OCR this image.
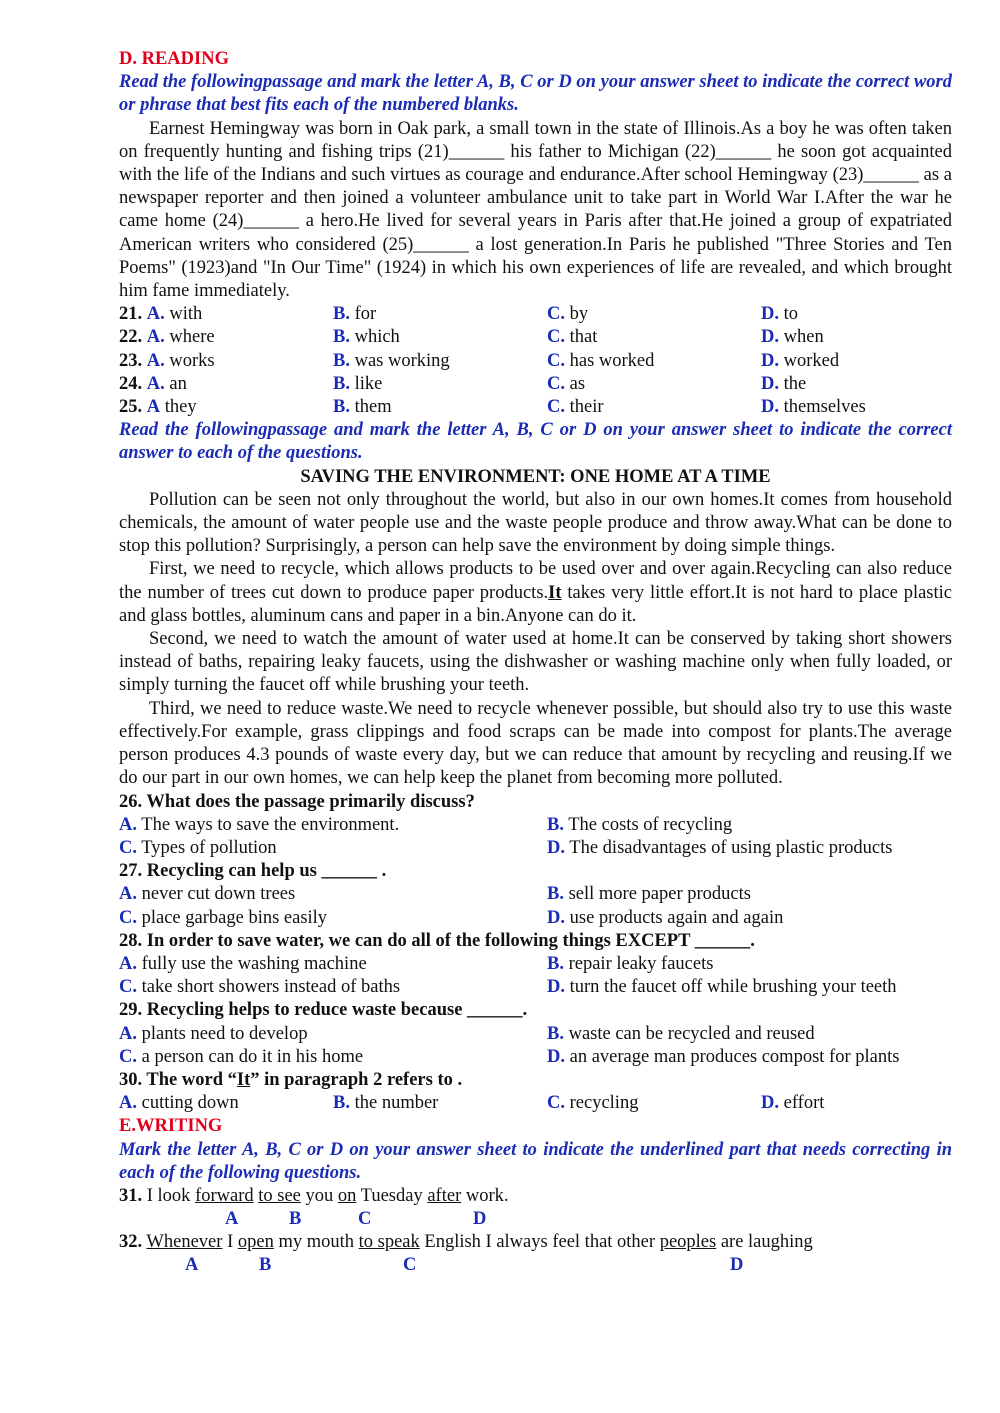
D. READING

Read the followingpassage and mark the letter A, B, C or D on your answer sheet to indicate the correct word or phrase that best fits each of the numbered blanks.

Earnest Hemingway was born in Oak park, a small town in the state of Illinois.As a boy he was often taken on frequently hunting and fishing trips (21)______ his father to Michigan (22)______ he soon got acquainted with the life of the Indians and such virtues as courage and endurance.After school Hemingway (23)______ as a newspaper reporter and then joined a volunteer ambulance unit to take part in World War I.After the war he came home (24)______ a hero.He lived for several years in Paris after that.He joined a group of expatriated American writers who considered (25)______ a lost generation.In Paris he published "Three Stories and Ten Poems" (1923)and "In Our Time" (1924) in which his own experiences of life are revealed, and which brought him fame immediately.

21. A. with	B. for	C. by	D. to
22. A. where	B. which	C. that	D. when
23. A. works	B. was working	C. has worked	D. worked
24. A. an	B. like	C. as	D. the
25. A they	B. them	C. their	D. themselves

Read the followingpassage and mark the letter A, B, C or D on your answer sheet to indicate the correct answer to each of the questions.

SAVING THE ENVIRONMENT: ONE HOME AT A TIME

Pollution can be seen not only throughout the world, but also in our own homes.It comes from household chemicals, the amount of water people use and the waste people produce and throw away.What can be done to stop this pollution? Surprisingly, a person can help save the environment by doing simple things.

First, we need to recycle, which allows products to be used over and over again.Recycling can also reduce the number of trees cut down to produce paper products.It takes very little effort.It is not hard to place plastic and glass bottles, aluminum cans and paper in a bin.Anyone can do it.

Second, we need to watch the amount of water used at home.It can be conserved by taking short showers instead of baths, repairing leaky faucets, using the dishwasher or washing machine only when fully loaded, or simply turning the faucet off while brushing your teeth.

Third, we need to reduce waste.We need to recycle whenever possible, but should also try to use this waste effectively.For example, grass clippings and food scraps can be made into compost for plants.The average person produces 4.3 pounds of waste every day, but we can reduce that amount by recycling and reusing.If we do our part in our own homes, we can help keep the planet from becoming more polluted.

26. What does the passage primarily discuss?

A. The ways to save the environment.	B. The costs of recycling
C. Types of pollution	D. The disadvantages of using plastic products

27. Recycling can help us ______ .

A. never cut down trees	B. sell more paper products
C. place garbage bins easily	D. use products again and again

28. In order to save water, we can do all of the following things EXCEPT ______.

A. fully use the washing machine	B. repair leaky faucets
C. take short showers instead of baths	D. turn the faucet off while brushing your teeth

29. Recycling helps to reduce waste because ______.

A. plants need to develop	B. waste can be recycled and reused
C. a person can do it in his home	D. an average man produces compost for plants

30. The word “It” in paragraph 2 refers to .

A. cutting down	B. the number	C. recycling	D. effort

E.WRITING

Mark the letter A, B, C or D on your answer sheet to indicate the underlined part that needs correcting in each of the following questions.

31. I look forward to see you on Tuesday after work.

A	B	C	D

32. Whenever I open my mouth to speak English I always feel that other peoples are laughing

A	B	C	D
